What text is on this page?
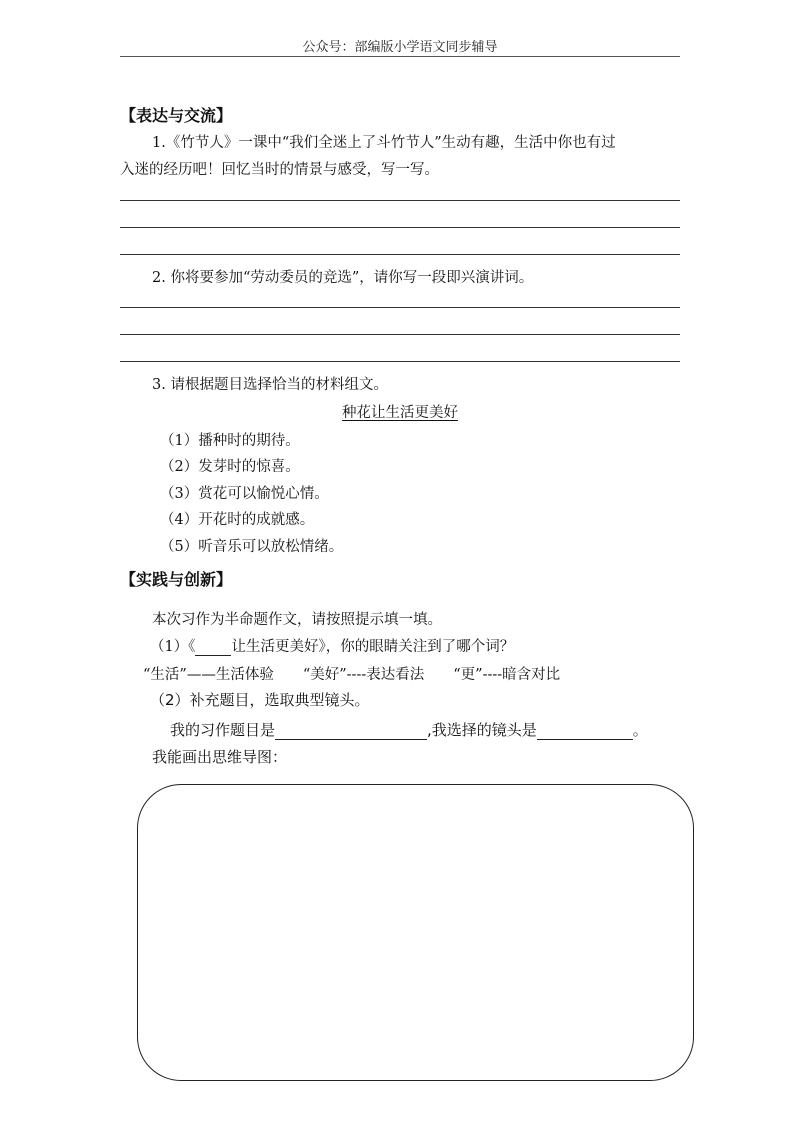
公众号：部编版小学语文同步辅导
【表达与交流】
1.《竹节人》一课中“我们全迷上了斗竹节人”生动有趣，生活中你也有过
入迷的经历吧！回忆当时的情景与感受，写一写。
2. 你将要参加“劳动委员的竞选”，请你写一段即兴演讲词。
3. 请根据题目选择恰当的材料组文。
种花让生活更美好
（1）播种时的期待。
（2）发芽时的惊喜。
（3）赏花可以愉悦心情。
（4）开花时的成就感。
（5）听音乐可以放松情绪。
【实践与创新】
本次习作为半命题作文，请按照提示填一填。
（1）《 让生活更美好》，你的眼睛关注到了哪个词？
“生活”——生活体验　　“美好”----表达看法　　“更”----暗含对比
（2）补充题目，选取典型镜头。
我的习作题目是	,我选择的镜头是	。
我能画出思维导图：
